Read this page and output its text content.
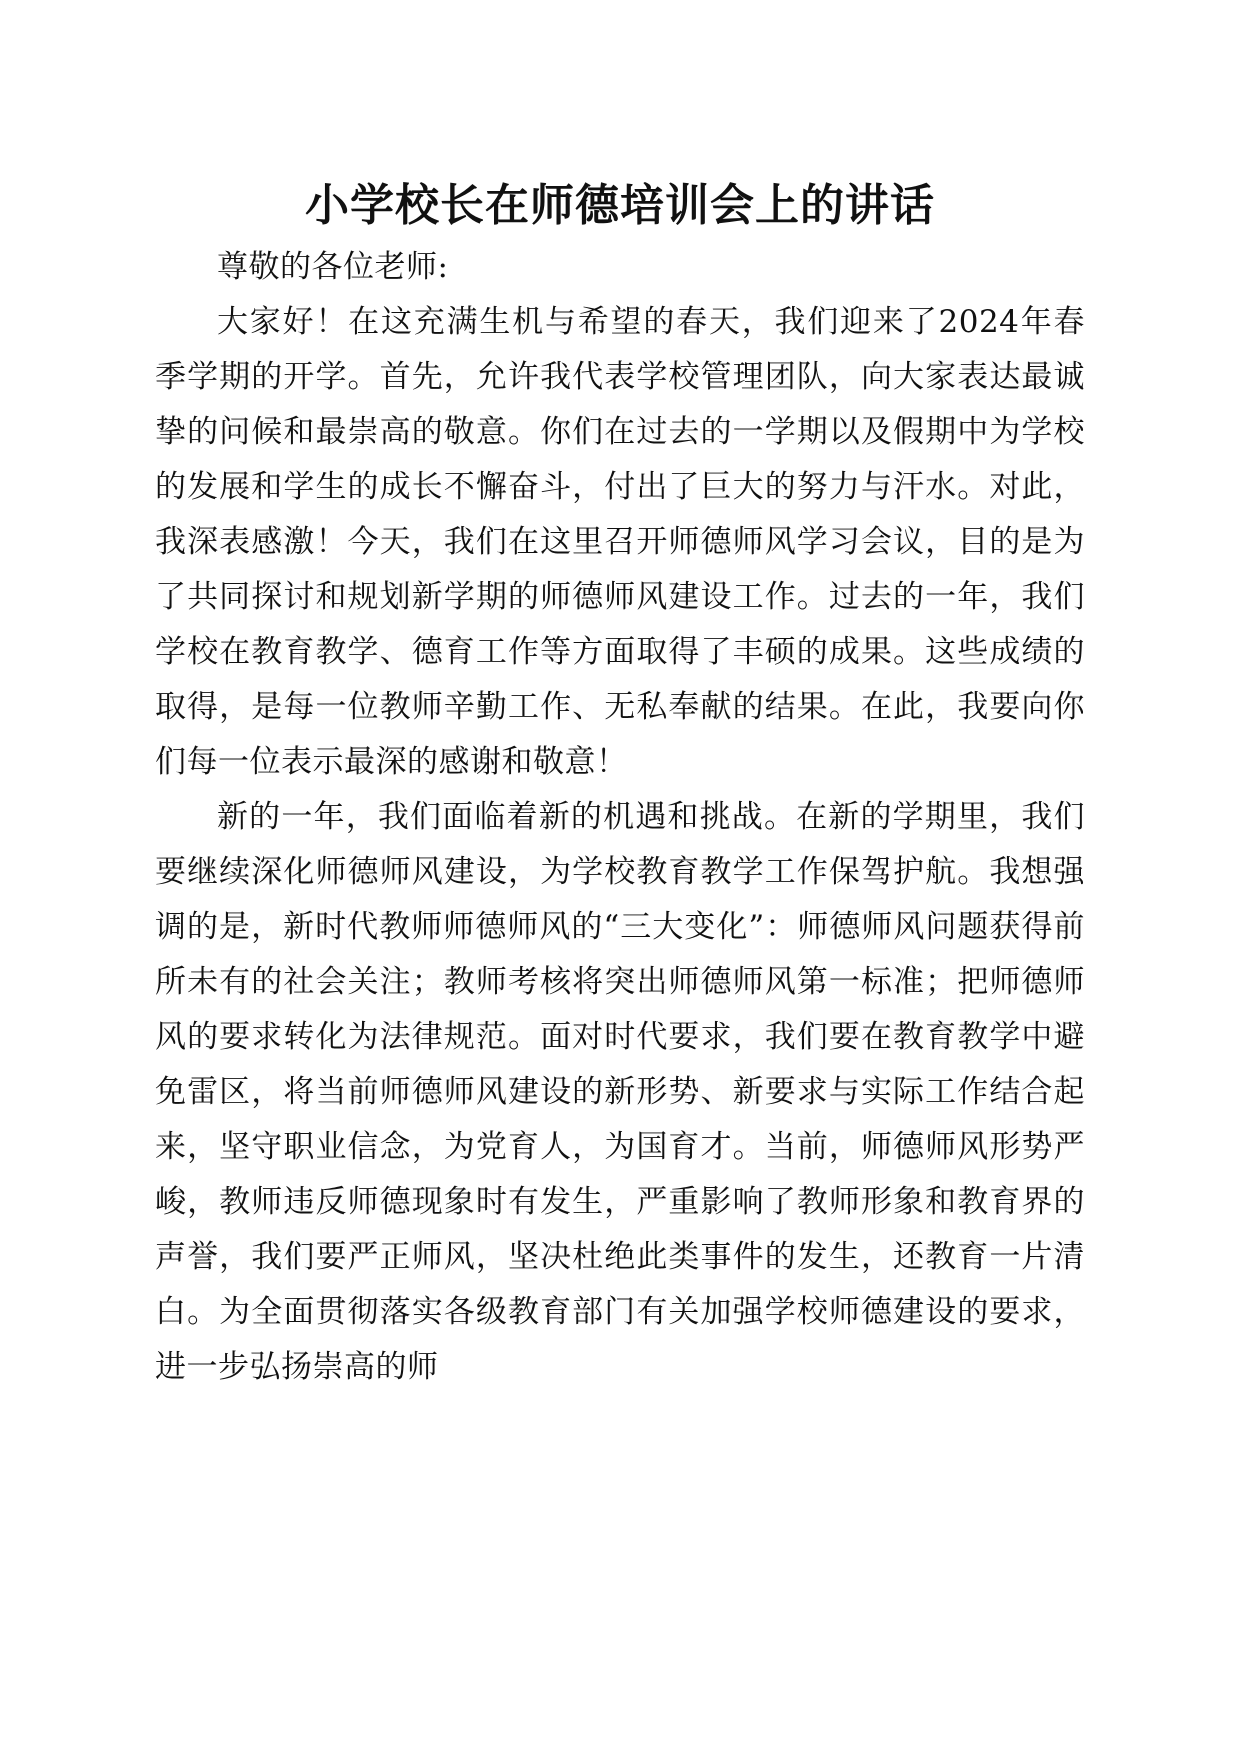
小学校长在师德培训会上的讲话

尊敬的各位老师:

大家好！在这充满生机与希望的春天，我们迎来了2024年春季学期的开学。首先，允许我代表学校管理团队，向大家表达最诚挚的问候和最崇高的敬意。你们在过去的一学期以及假期中为学校的发展和学生的成长不懈奋斗，付出了巨大的努力与汗水。对此，我深表感激！今天，我们在这里召开师德师风学习会议，目的是为了共同探讨和规划新学期的师德师风建设工作。过去的一年，我们学校在教育教学、德育工作等方面取得了丰硕的成果。这些成绩的取得，是每一位教师辛勤工作、无私奉献的结果。在此，我要向你们每一位表示最深的感谢和敬意！

新的一年，我们面临着新的机遇和挑战。在新的学期里，我们要继续深化师德师风建设，为学校教育教学工作保驾护航。我想强调的是，新时代教师师德师风的“三大变化”：师德师风问题获得前所未有的社会关注；教师考核将突出师德师风第一标准；把师德师风的要求转化为法律规范。面对时代要求，我们要在教育教学中避免雷区，将当前师德师风建设的新形势、新要求与实际工作结合起来，坚守职业信念，为党育人，为国育才。当前，师德师风形势严峻，教师违反师德现象时有发生，严重影响了教师形象和教育界的声誉，我们要严正师风，坚决杜绝此类事件的发生，还教育一片清白。为全面贯彻落实各级教育部门有关加强学校师德建设的要求，进一步弘扬崇高的师
